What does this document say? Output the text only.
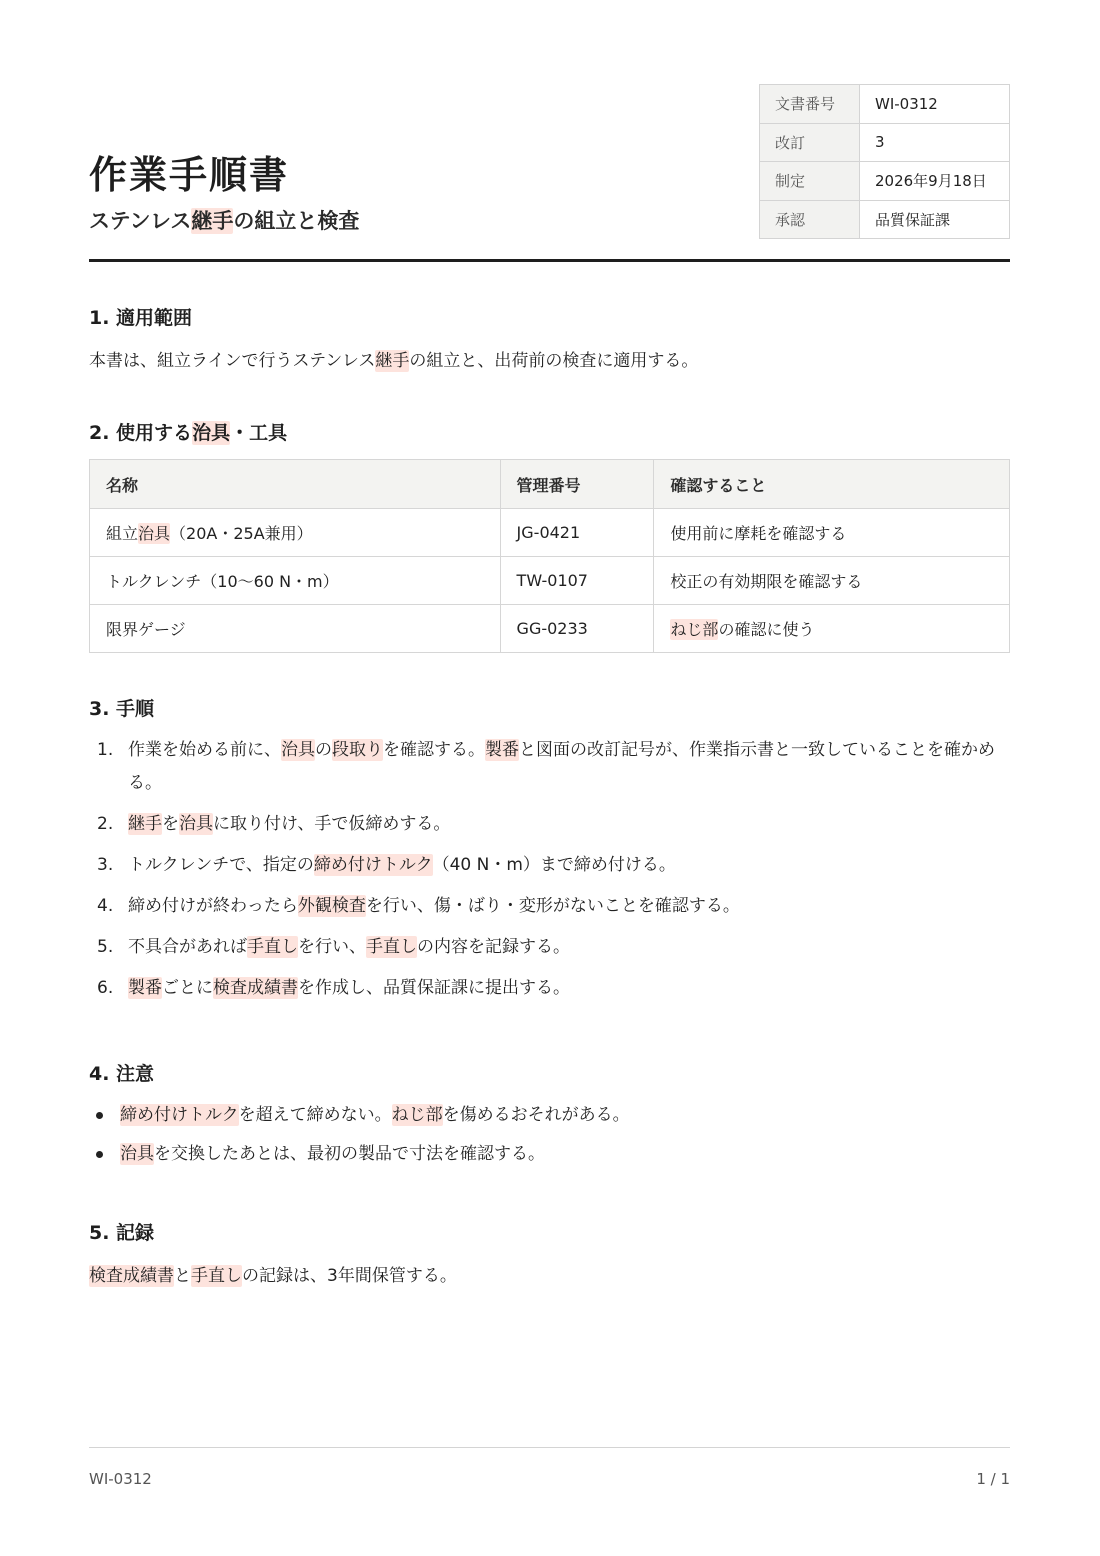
作業手順書
ステンレス継手の組立と検査
文書番号	WI-0312
改訂	3
制定	2026年9月18日
承認	品質保証課
1. 適用範囲

本書は、組立ラインで行うステンレス継手の組立と、出荷前の検査に適用する。

2. 使用する治具・工具
名称	管理番号	確認すること
組立治具（20A・25A兼用）	JG-0421	使用前に摩耗を確認する
トルクレンチ（10〜60 N・m）	TW-0107	校正の有効期限を確認する
限界ゲージ	GG-0233	ねじ部の確認に使う
3. 手順
1. 作業を始める前に、治具の段取りを確認する。製番と図面の改訂記号が、作業指示書と一致していることを確かめる。
2. 継手を治具に取り付け、手で仮締めする。
3. トルクレンチで、指定の締め付けトルク（40 N・m）まで締め付ける。
4. 締め付けが終わったら外観検査を行い、傷・ばり・変形がないことを確認する。
5. 不具合があれば手直しを行い、手直しの内容を記録する。
6. 製番ごとに検査成績書を作成し、品質保証課に提出する。
4. 注意
締め付けトルクを超えて締めない。ねじ部を傷めるおそれがある。
治具を交換したあとは、最初の製品で寸法を確認する。
5. 記録

検査成績書と手直しの記録は、3年間保管する。

WI-0312	1 / 1
